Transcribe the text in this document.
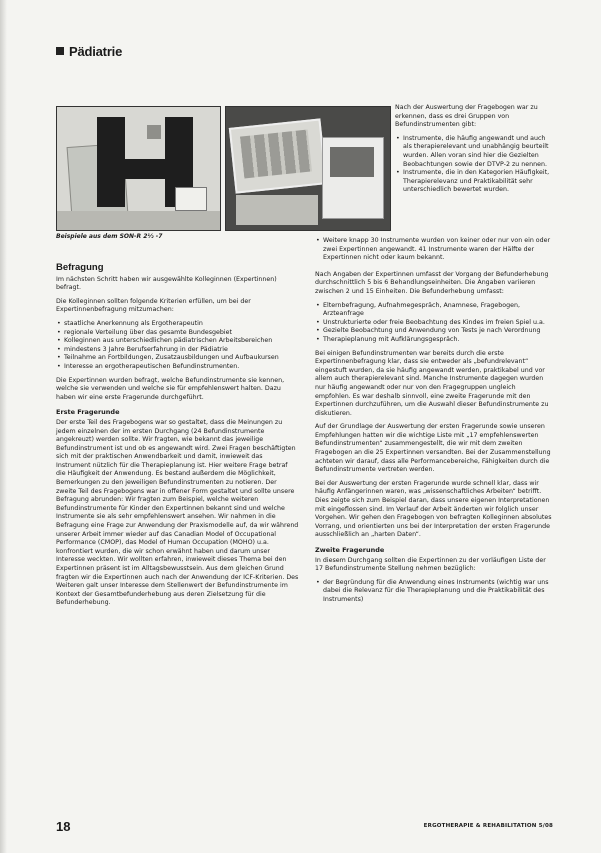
Pädiatrie
Beispiele aus dem SON-R 2½ -7

Nach der Auswertung der Fragebogen war zu erkennen, dass es drei Gruppen von Befundinstrumenten gibt:

• Instrumente, die häufig angewandt und auch als therapierelevant und unabhängig beurteilt wurden. Allen voran sind hier die Gezielten Beobachtungen sowie der DTVP-2 zu nennen.
• Instrumente, die in den Kategorien Häufigkeit, Therapierelevanz und Praktikabilität sehr unterschiedlich bewertet wurden.
Befragung

Im nächsten Schritt haben wir ausgewählte Kolleginnen (Expertinnen) befragt.

Die Kolleginnen sollten folgende Kriterien erfüllen, um bei der Expertinnenbefragung mitzumachen:

• staatliche Anerkennung als Ergotherapeutin
• regionale Verteilung über das gesamte Bundesgebiet
• Kolleginnen aus unterschiedlichen pädiatrischen Arbeitsbereichen
• mindestens 3 Jahre Berufserfahrung in der Pädiatrie
• Teilnahme an Fortbildungen, Zusatzausbildungen und Aufbaukursen
• Interesse an ergotherapeutischen Befundinstrumenten.

Die Expertinnen wurden befragt, welche Befundinstrumente sie kennen, welche sie verwenden und welche sie für empfehlenswert halten. Dazu haben wir eine erste Fragerunde durchgeführt.

Erste Fragerunde

Der erste Teil des Fragebogens war so gestaltet, dass die Meinungen zu jedem einzelnen der im ersten Durchgang (24 Befundinstrumente angekreuzt) werden sollte. Wir fragten, wie bekannt das jeweilige Befundinstrument ist und ob es angewandt wird. Zwei Fragen beschäftigten sich mit der praktischen Anwendbarkeit und damit, inwieweit das Instrument nützlich für die Therapieplanung ist. Hier weitere Frage betraf die Häufigkeit der Anwendung. Es bestand außerdem die Möglichkeit, Bemerkungen zu den jeweiligen Befundinstrumenten zu notieren. Der zweite Teil des Fragebogens war in offener Form gestaltet und sollte unsere Befragung abrunden: Wir fragten zum Beispiel, welche weiteren Befundinstrumente für Kinder den Expertinnen bekannt sind und welche Instrumente sie als sehr empfehlenswert ansehen. Wir nahmen in die Befragung eine Frage zur Anwendung der Praxismodelle auf, da wir während unserer Arbeit immer wieder auf das Canadian Model of Occupational Performance (CMOP), das Model of Human Occupation (MOHO) u.a. konfrontiert wurden, die wir schon erwähnt haben und darum unser Interesse weckten. Wir wollten erfahren, inwieweit dieses Thema bei den Expertinnen präsent ist im Alltagsbewusstsein. Aus dem gleichen Grund fragten wir die Expertinnen auch nach der Anwendung der ICF-Kriterien. Des Weiteren galt unser Interesse dem Stellenwert der Befundinstrumente im Kontext der Gesamtbefunderhebung aus deren Zielsetzung für die Befunderhebung.

• Weitere knapp 30 Instrumente wurden von keiner oder nur von ein oder zwei Expertinnen angewandt. 41 Instrumente waren der Hälfte der Expertinnen nicht oder kaum bekannt.

Nach Angaben der Expertinnen umfasst der Vorgang der Befunderhebung durchschnittlich 5 bis 6 Behandlungseinheiten. Die Angaben variieren zwischen 2 und 15 Einheiten. Die Befunderhebung umfasst:

• Elternbefragung, Aufnahmegespräch, Anamnese, Fragebogen, Arzteanfrage
• Unstrukturierte oder freie Beobachtung des Kindes im freien Spiel u.a.
• Gezielte Beobachtung und Anwendung von Tests je nach Verordnung
• Therapieplanung mit Aufklärungsgespräch.

Bei einigen Befundinstrumenten war bereits durch die erste Expertinnenbefragung klar, dass sie entweder als „befundrelevant“ eingestuft wurden, da sie häufig angewandt werden, praktikabel und vor allem auch therapierelevant sind. Manche Instrumente dagegen wurden nur häufig angewandt oder nur von den Fragegruppen ungleich empfohlen. Es war deshalb sinnvoll, eine zweite Fragerunde mit den Expertinnen durchzuführen, um die Auswahl dieser Befundinstrumente zu diskutieren.

Auf der Grundlage der Auswertung der ersten Fragerunde sowie unseren Empfehlungen hatten wir die wichtige Liste mit „17 empfehlenswerten Befundinstrumenten“ zusammengestellt, die wir mit dem zweiten Fragebogen an die 25 Expertinnen versandten. Bei der Zusammenstellung achteten wir darauf, dass alle Performancebereiche, Fähigkeiten durch die Befundinstrumente vertreten werden.

Bei der Auswertung der ersten Fragerunde wurde schnell klar, dass wir häufig Anfängerinnen waren, was „wissenschaftliches Arbeiten“ betrifft. Dies zeigte sich zum Beispiel daran, dass unsere eigenen Interpretationen mit eingeflossen sind. Im Verlauf der Arbeit änderten wir folglich unser Vorgehen. Wir gehen den Fragebogen von befragten Kolleginnen absolutes Vorrang, und orientierten uns bei der Interpretation der ersten Fragerunde ausschließlich an „harten Daten“.

Zweite Fragerunde

In diesem Durchgang sollten die Expertinnen zu der vorläufigen Liste der 17 Befundinstrumente Stellung nehmen bezüglich:

• der Begründung für die Anwendung eines Instruments (wichtig war uns dabei die Relevanz für die Therapieplanung und die Praktikabilität des Instruments)
18	ERGOTHERAPIE & REHABILITATION 5/08
